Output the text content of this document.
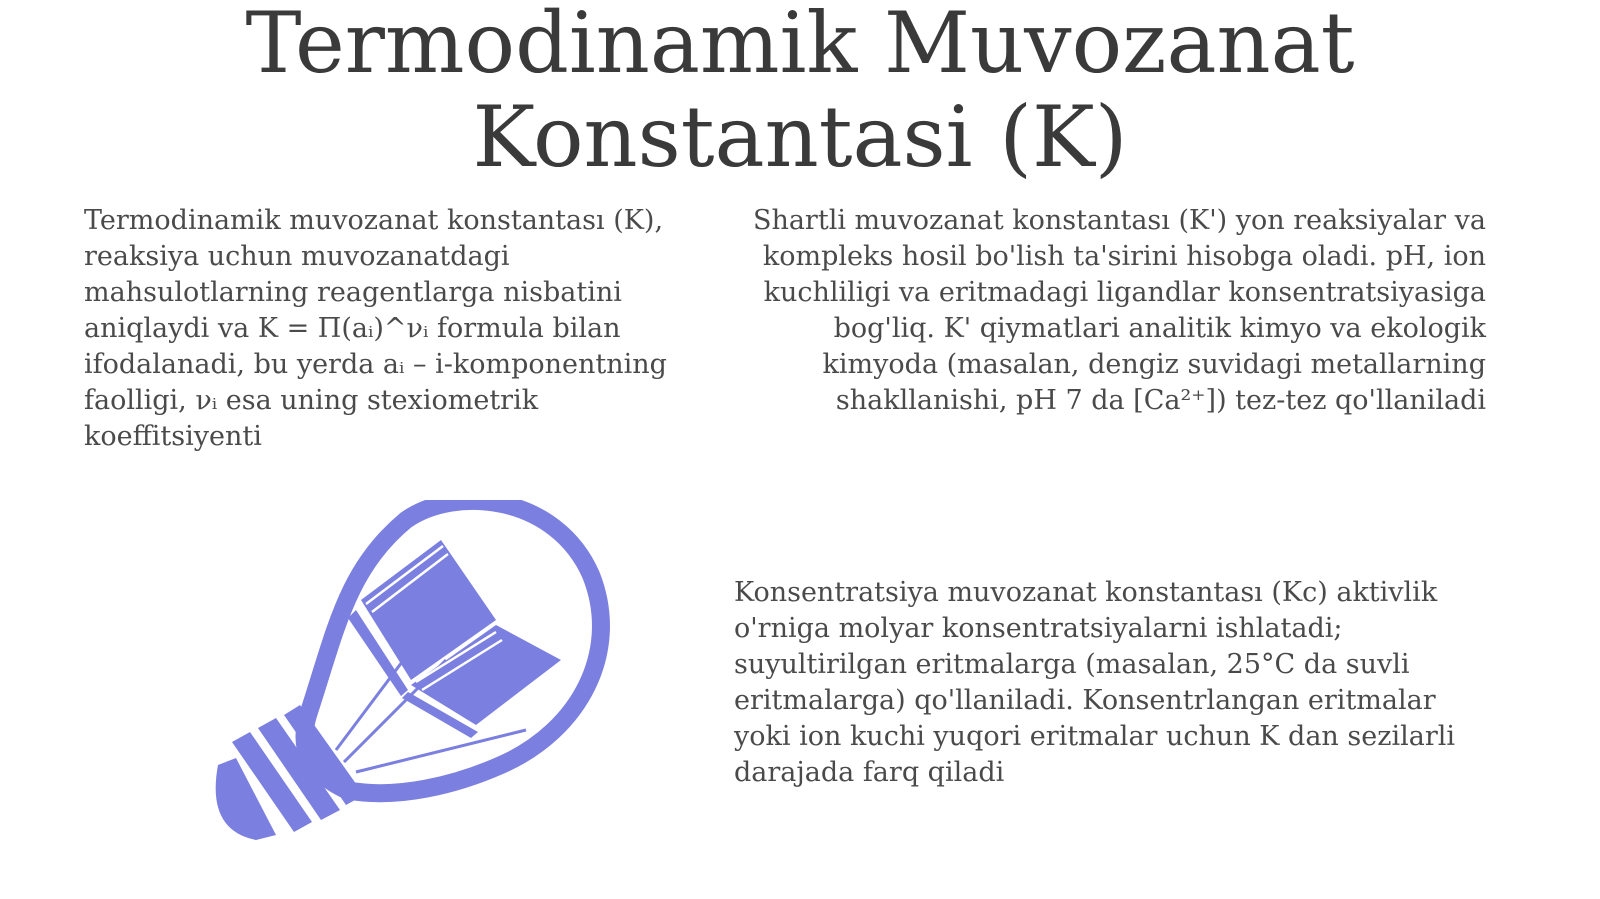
Termodinamik Muvozanat Konstantasi (K)

Termodinamik muvozanat konstantası (K), reaksiya uchun muvozanatdagi mahsulotlarning reagentlarga nisbatini aniqlaydi va K = Π(aᵢ)^νᵢ formula bilan ifodalanadi, bu yerda aᵢ – i-komponentning faolligi, νᵢ esa uning stexiometrik koeffitsiyenti

Shartli muvozanat konstantası (K') yon reaksiyalar va kompleks hosil bo'lish ta'sirini hisobga oladi. pH, ion kuchliligi va eritmadagi ligandlar konsentratsiyasiga bog'liq. K' qiymatlari analitik kimyo va ekologik kimyoda (masalan, dengiz suvidagi metallarning shakllanishi, pH 7 da [Ca²⁺]) tez-tez qo'llaniladi

Konsentratsiya muvozanat konstantası (Kc) aktivlik o'rniga molyar konsentratsiyalarni ishlatadi; suyultirilgan eritmalarga (masalan, 25°C da suvli eritmalarga) qo'llaniladi. Konsentrlangan eritmalar yoki ion kuchi yuqori eritmalar uchun K dan sezilarli darajada farq qiladi
